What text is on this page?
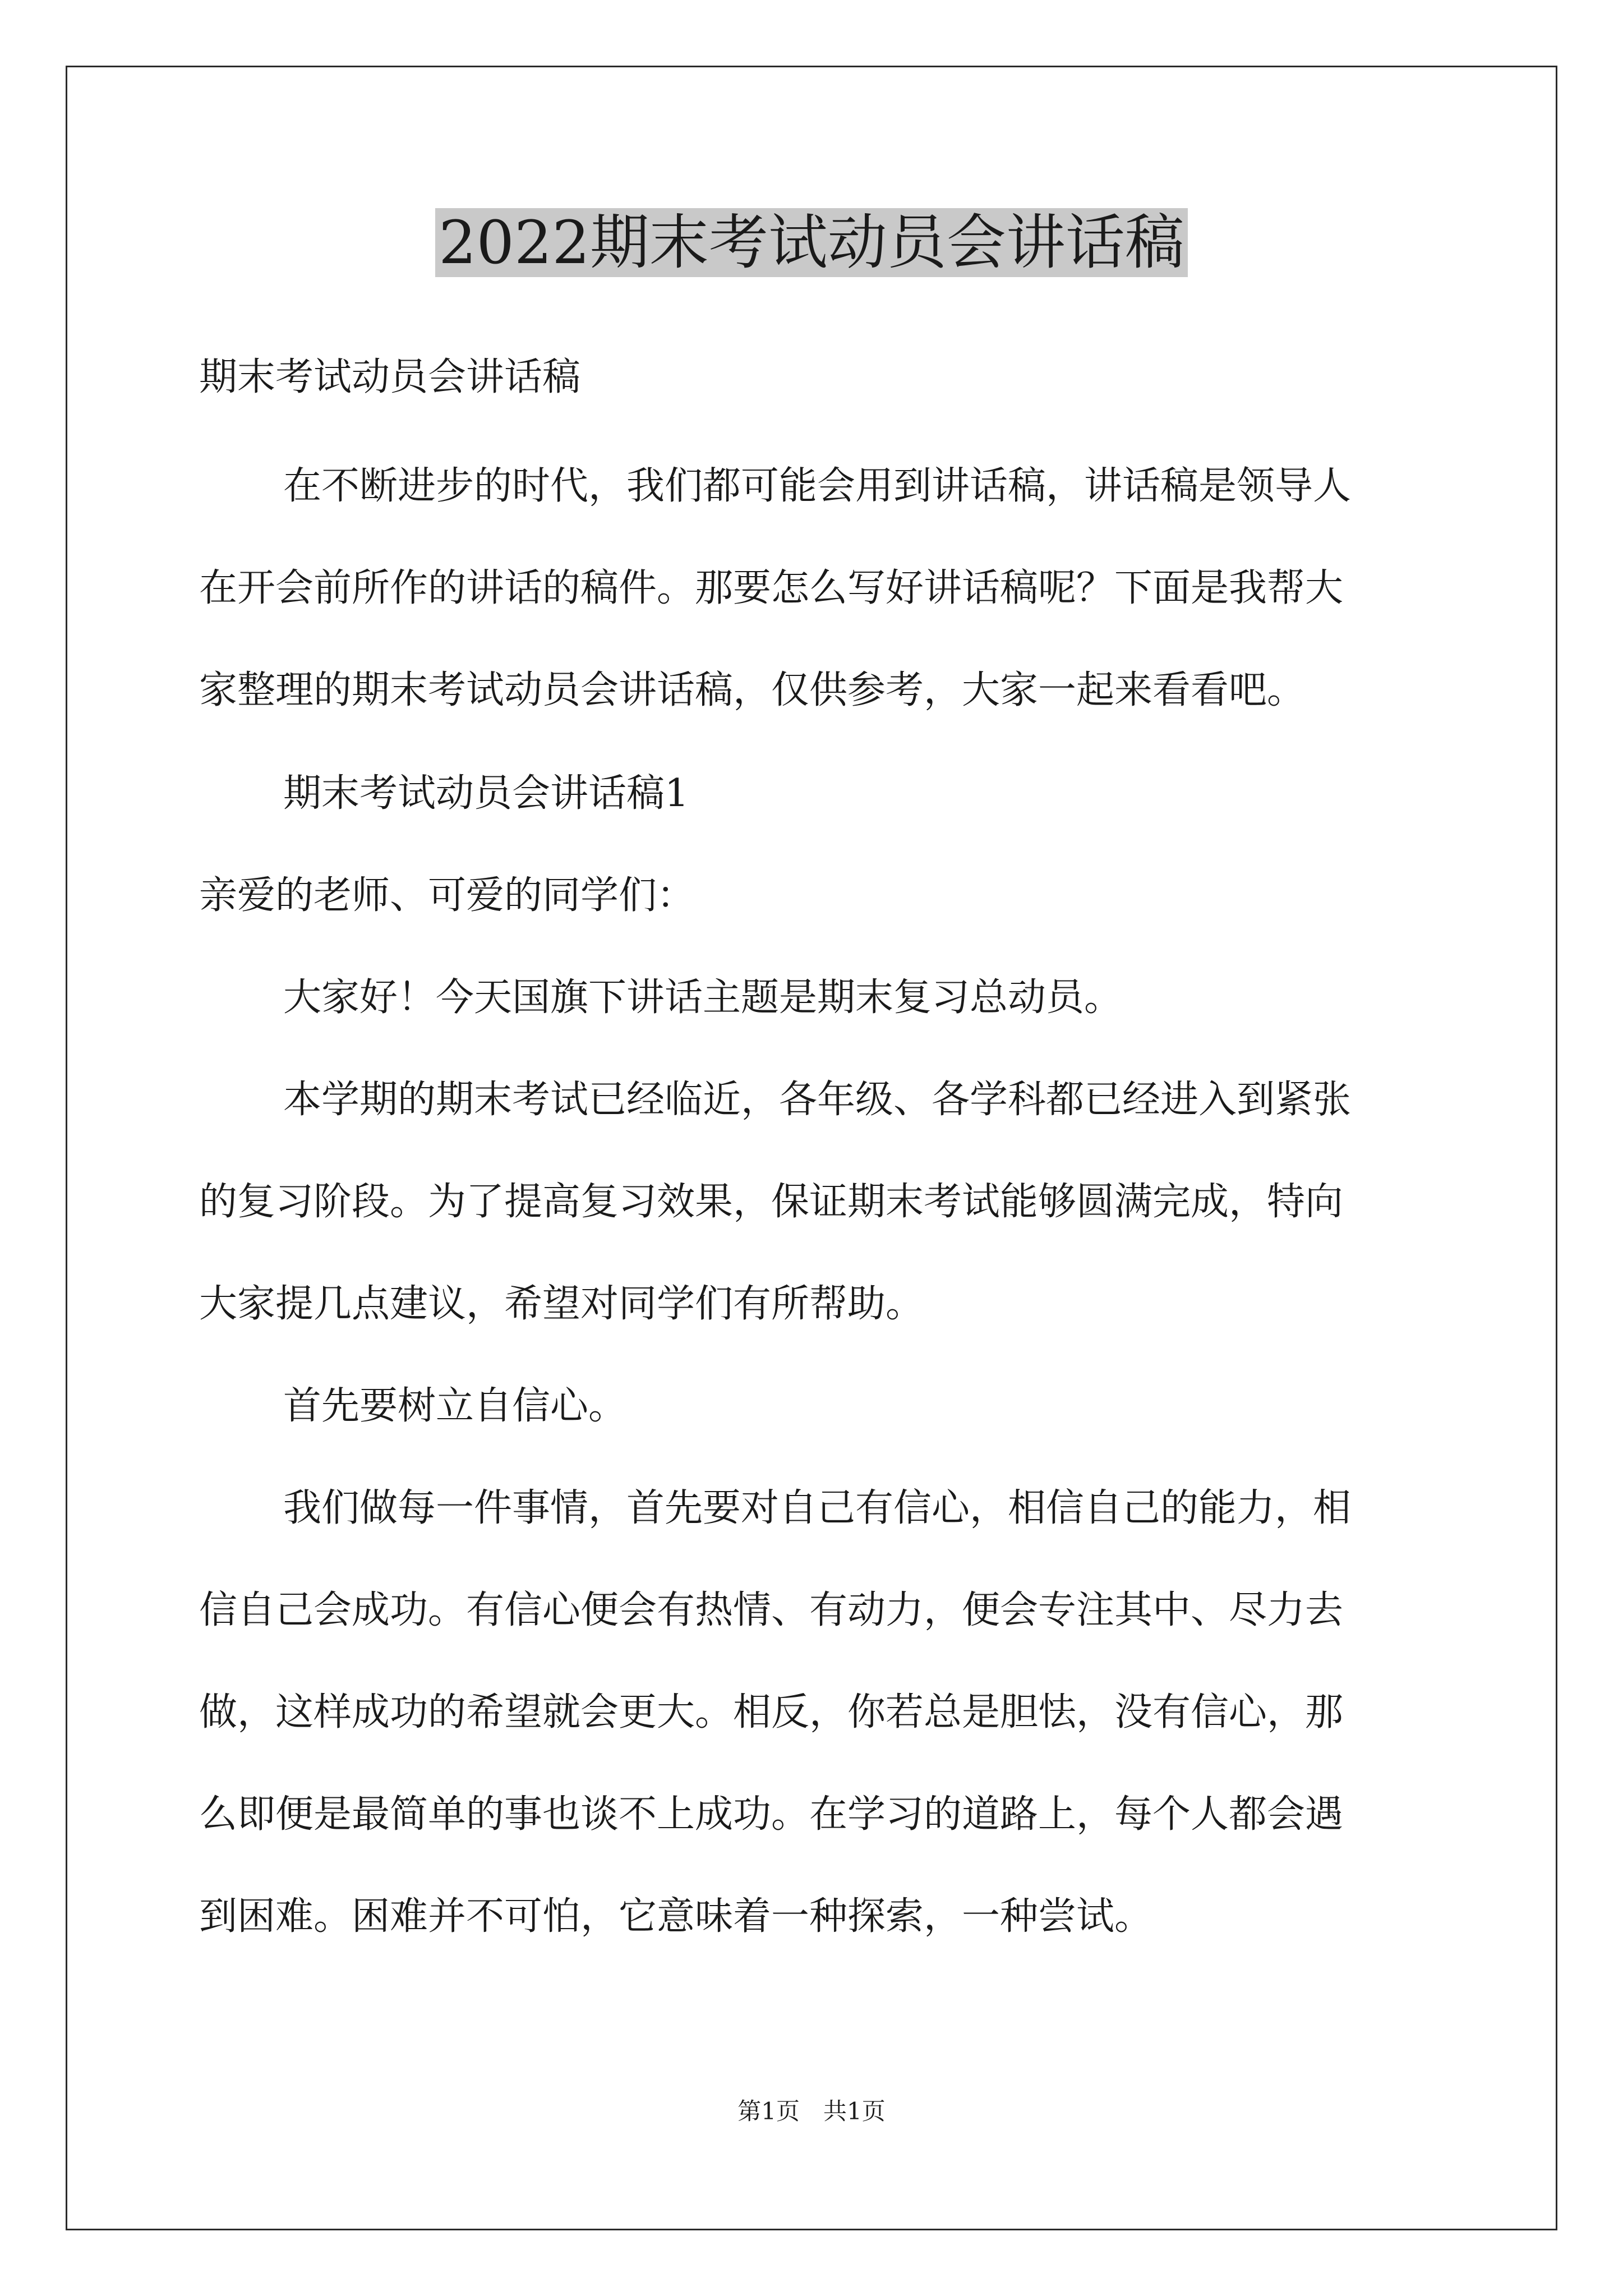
2022期末考试动员会讲话稿

期末考试动员会讲话稿

在不断进步的时代，我们都可能会用到讲话稿，讲话稿是领导人

在开会前所作的讲话的稿件。那要怎么写好讲话稿呢？下面是我帮大

家整理的期末考试动员会讲话稿，仅供参考，大家一起来看看吧。

期末考试动员会讲话稿1

亲爱的老师、可爱的同学们：

大家好！今天国旗下讲话主题是期末复习总动员。

本学期的期末考试已经临近，各年级、各学科都已经进入到紧张

的复习阶段。为了提高复习效果，保证期末考试能够圆满完成，特向

大家提几点建议，希望对同学们有所帮助。

首先要树立自信心。

我们做每一件事情，首先要对自己有信心，相信自己的能力，相

信自己会成功。有信心便会有热情、有动力，便会专注其中、尽力去

做，这样成功的希望就会更大。相反，你若总是胆怯，没有信心，那

么即便是最简单的事也谈不上成功。在学习的道路上，每个人都会遇

到困难。困难并不可怕，它意味着一种探索，一种尝试。

第1页　共1页
